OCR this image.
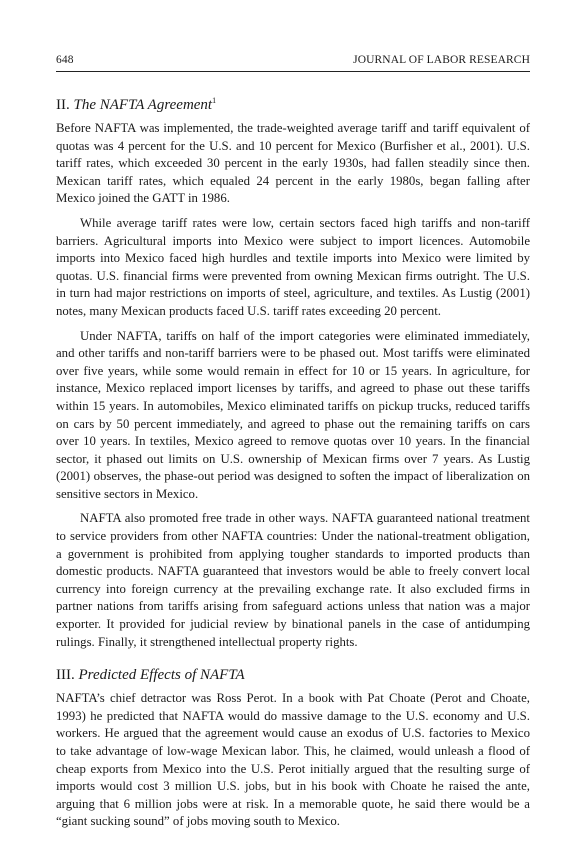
648	JOURNAL OF LABOR RESEARCH
II. The NAFTA Agreement$^1$

Before NAFTA was implemented, the trade-weighted average tariff and tariff equivalent of quotas was 4 percent for the U.S. and 10 percent for Mexico (Burfisher et al., 2001). U.S. tariff rates, which exceeded 30 percent in the early 1930s, had fallen steadily since then. Mexican tariff rates, which equaled 24 percent in the early 1980s, began falling after Mexico joined the GATT in 1986.

While average tariff rates were low, certain sectors faced high tariffs and non-tariff barriers. Agricultural imports into Mexico were subject to import licences. Automobile imports into Mexico faced high hurdles and textile imports into Mexico were limited by quotas. U.S. financial firms were prevented from owning Mexican firms outright. The U.S. in turn had major restrictions on imports of steel, agriculture, and textiles. As Lustig (2001) notes, many Mexican products faced U.S. tariff rates exceeding 20 percent.

Under NAFTA, tariffs on half of the import categories were eliminated immediately, and other tariffs and non-tariff barriers were to be phased out. Most tariffs were eliminated over five years, while some would remain in effect for 10 or 15 years. In agriculture, for instance, Mexico replaced import licenses by tariffs, and agreed to phase out these tariffs within 15 years. In automobiles, Mexico eliminated tariffs on pickup trucks, reduced tariffs on cars by 50 percent immediately, and agreed to phase out the remaining tariffs on cars over 10 years. In textiles, Mexico agreed to remove quotas over 10 years. In the financial sector, it phased out limits on U.S. ownership of Mexican firms over 7 years. As Lustig (2001) observes, the phase-out period was designed to soften the impact of liberalization on sensitive sectors in Mexico.

NAFTA also promoted free trade in other ways. NAFTA guaranteed national treatment to service providers from other NAFTA countries: Under the national-treatment obligation, a government is prohibited from applying tougher standards to imported products than domestic products. NAFTA guaranteed that investors would be able to freely convert local currency into foreign currency at the prevailing exchange rate. It also excluded firms in partner nations from tariffs arising from safeguard actions unless that nation was a major exporter. It provided for judicial review by binational panels in the case of antidumping rulings. Finally, it strengthened intellectual property rights.

III. Predicted Effects of NAFTA

NAFTA’s chief detractor was Ross Perot. In a book with Pat Choate (Perot and Choate, 1993) he predicted that NAFTA would do massive damage to the U.S. economy and U.S. workers. He argued that the agreement would cause an exodus of U.S. factories to Mexico to take advantage of low-wage Mexican labor. This, he claimed, would unleash a flood of cheap exports from Mexico into the U.S. Perot initially argued that the resulting surge of imports would cost 3 million U.S. jobs, but in his book with Choate he raised the ante, arguing that 6 million jobs were at risk. In a memorable quote, he said there would be a “giant sucking sound” of jobs moving south to Mexico.
